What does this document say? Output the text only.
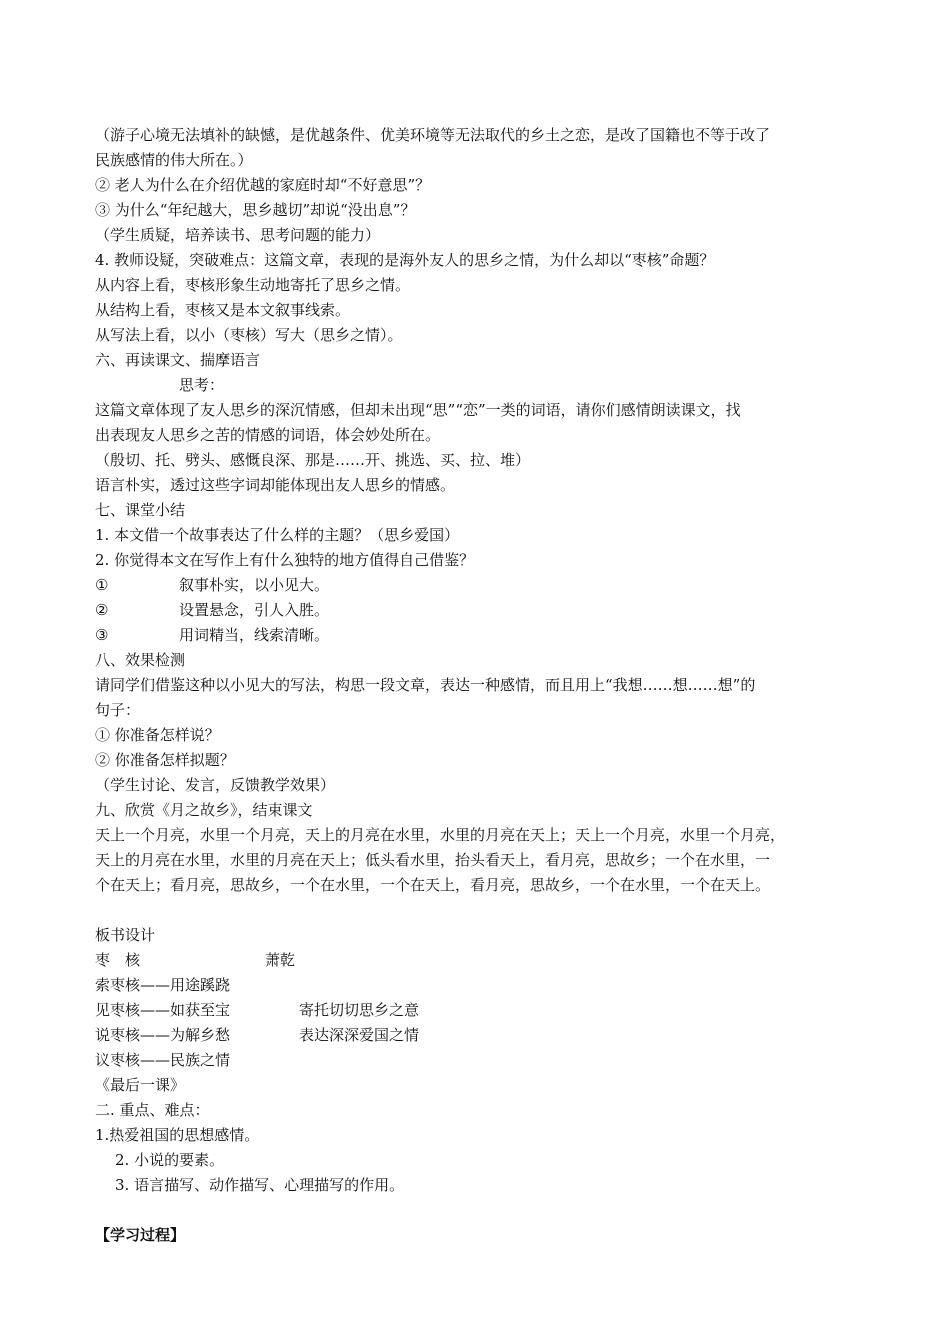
（游子心境无法填补的缺憾，是优越条件、优美环境等无法取代的乡土之恋，是改了国籍也不等于改了
民族感情的伟大所在。）
② 老人为什么在介绍优越的家庭时却“不好意思”？
③ 为什么“年纪越大，思乡越切”却说“没出息”？
（学生质疑，培养读书、思考问题的能力）
4. 教师设疑，突破难点：这篇文章，表现的是海外友人的思乡之情，为什么却以“枣核”命题？
从内容上看，枣核形象生动地寄托了思乡之情。
从结构上看，枣核又是本文叙事线索。
从写法上看，以小（枣核）写大（思乡之情）。
六、再读课文、揣摩语言
思考：
这篇文章体现了友人思乡的深沉情感，但却未出现“思”“恋”一类的词语，请你们感情朗读课文，找
出表现友人思乡之苦的情感的词语，体会妙处所在。
（殷切、托、劈头、感慨良深、那是……开、挑选、买、拉、堆）
语言朴实，透过这些字词却能体现出友人思乡的情感。
七、课堂小结
1. 本文借一个故事表达了什么样的主题？（思乡爱国）
2. 你觉得本文在写作上有什么独特的地方值得自己借鉴？
①	叙事朴实，以小见大。
②	设置悬念，引人入胜。
③	用词精当，线索清晰。
八、效果检测
请同学们借鉴这种以小见大的写法，构思一段文章，表达一种感情，而且用上“我想……想……想”的
句子：
① 你准备怎样说？
② 你准备怎样拟题？
（学生讨论、发言，反馈教学效果）
九、欣赏《月之故乡》，结束课文
天上一个月亮，水里一个月亮，天上的月亮在水里，水里的月亮在天上；天上一个月亮，水里一个月亮，
天上的月亮在水里，水里的月亮在天上；低头看水里，抬头看天上，看月亮，思故乡；一个在水里，一
个在天上；看月亮，思故乡，一个在水里，一个在天上，看月亮，思故乡，一个在水里，一个在天上。
板书设计
枣　核	萧乾
索枣核——用途蹊跷
见枣核——如获至宝	寄托切切思乡之意
说枣核——为解乡愁	表达深深爱国之情
议枣核——民族之情
《最后一课》
二. 重点、难点：
1.热爱祖国的思想感情。
2. 小说的要素。
3. 语言描写、动作描写、心理描写的作用。
【学习过程】
